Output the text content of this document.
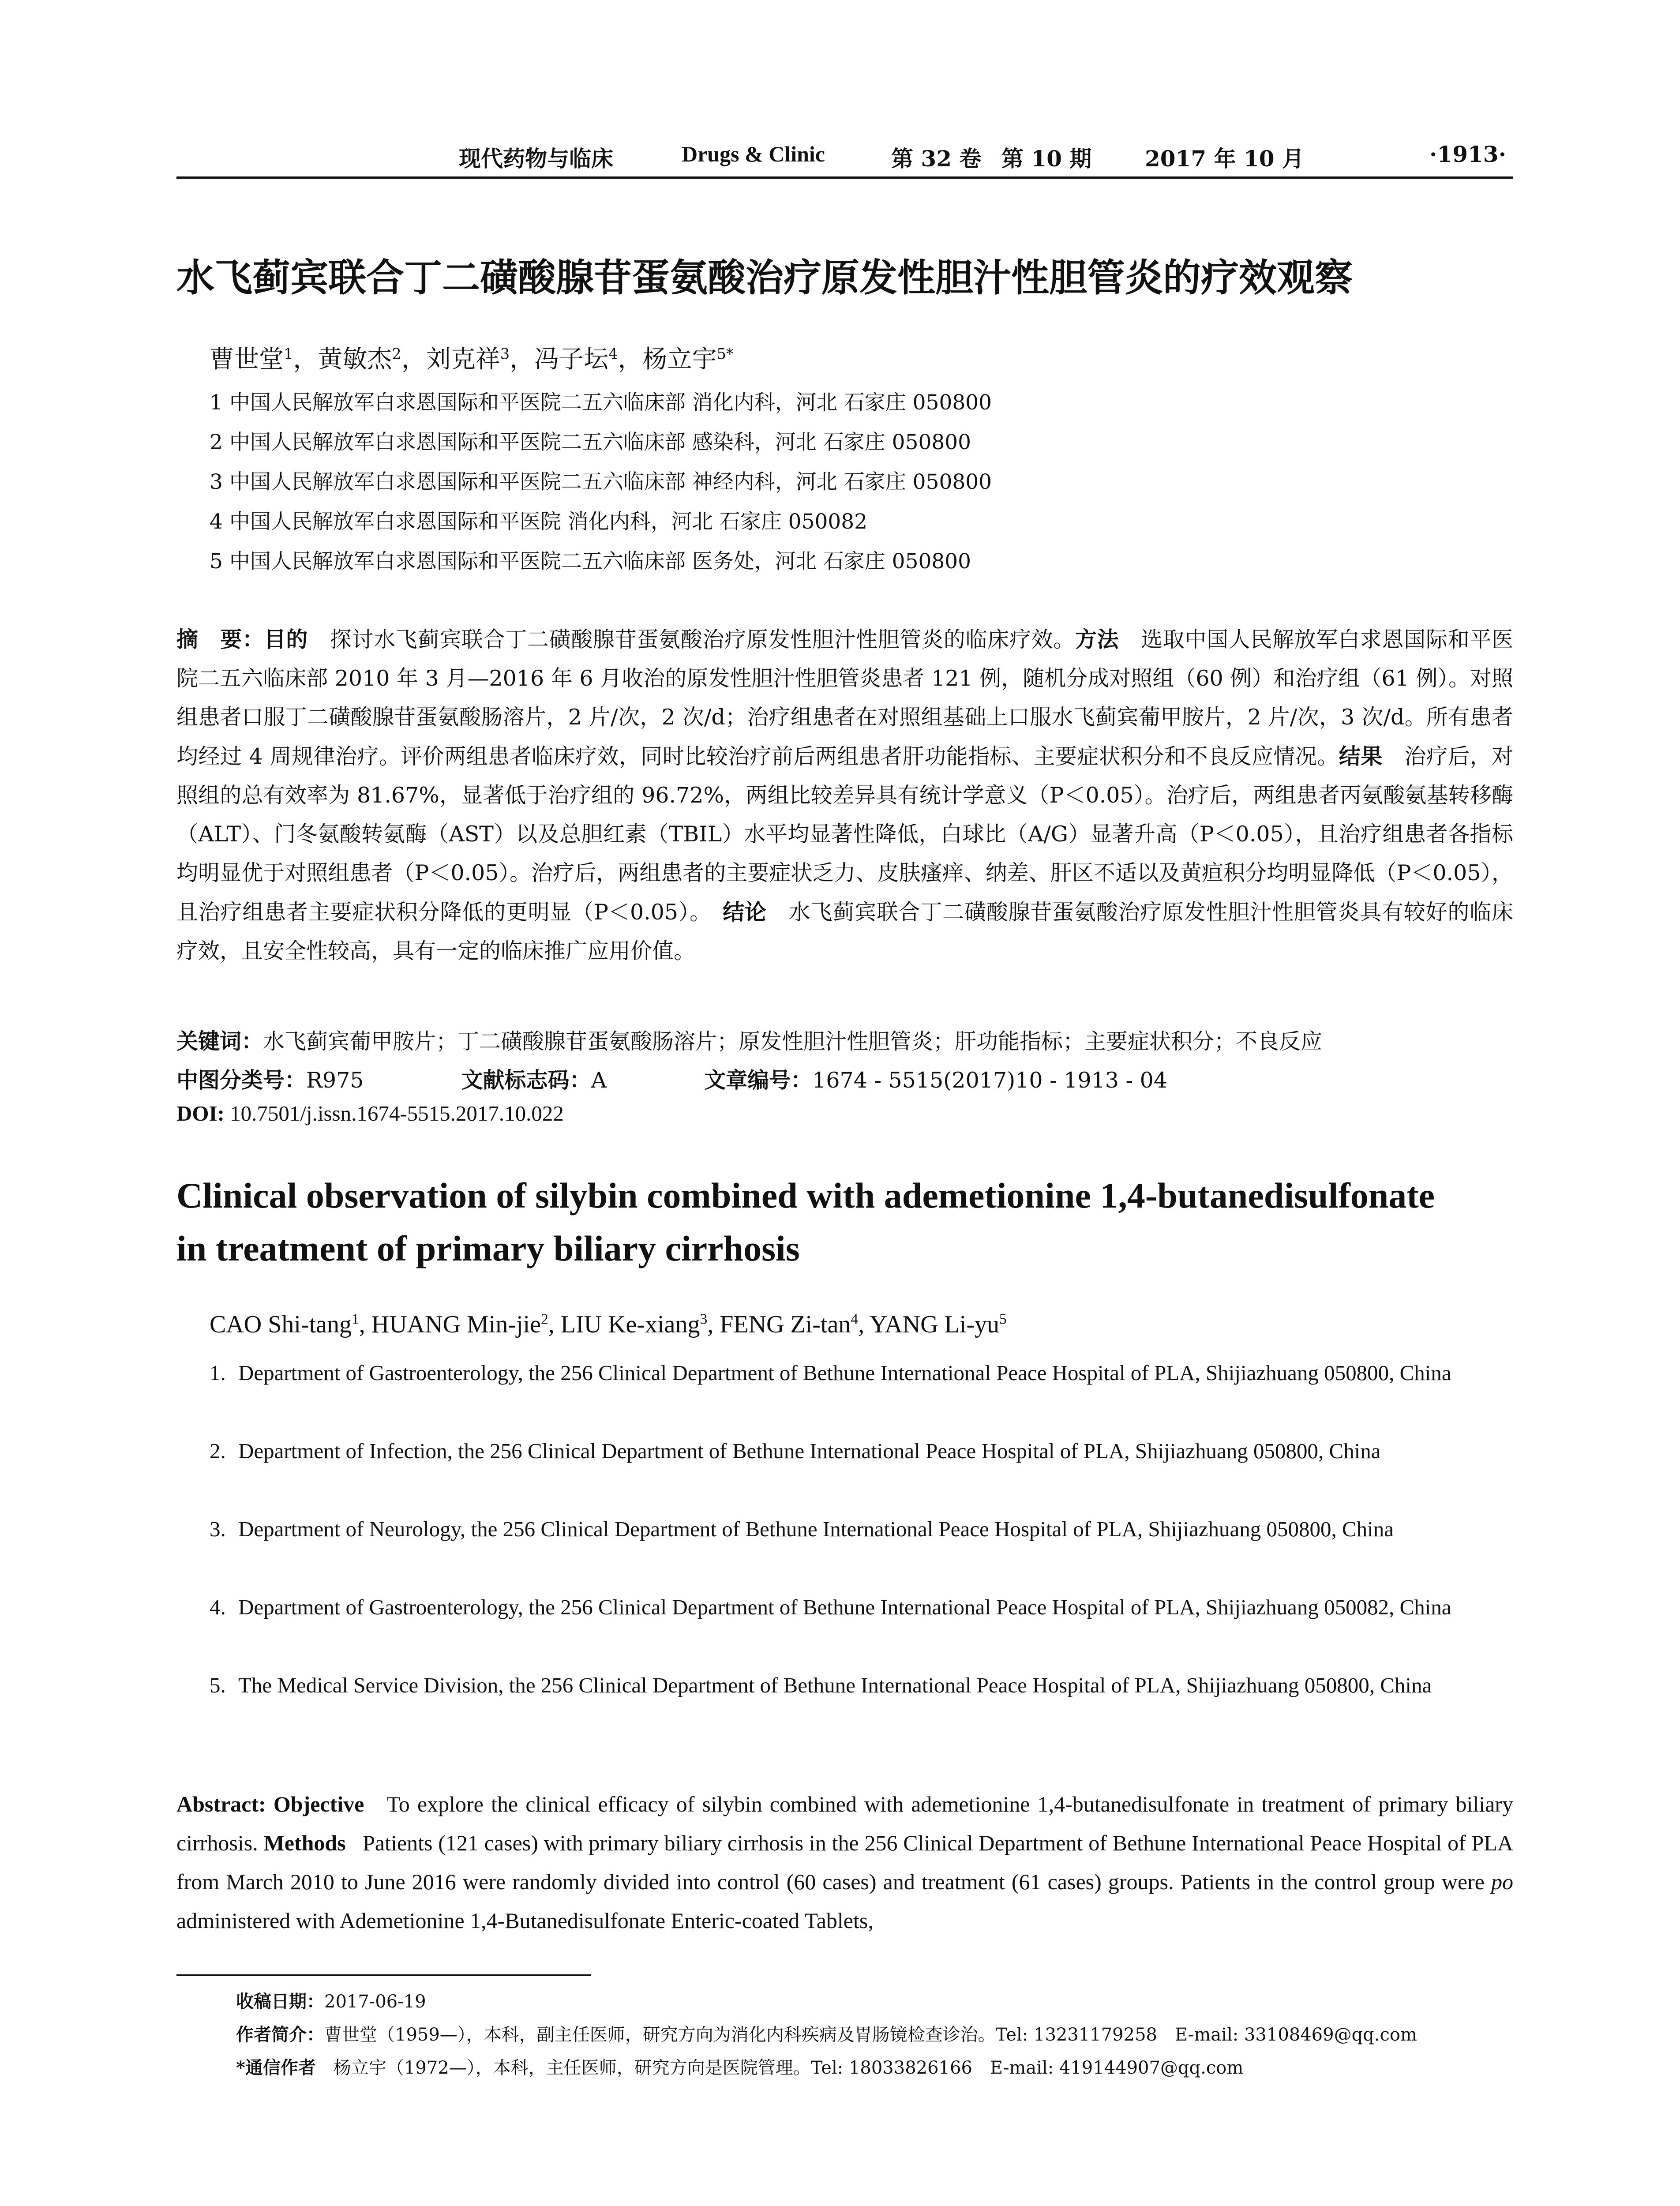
现代药物与临床	Drugs & Clinic	第 32 卷 第 10 期 2017 年 10 月	·1913·
水飞蓟宾联合丁二磺酸腺苷蛋氨酸治疗原发性胆汁性胆管炎的疗效观察
曹世堂$^1$，黄敏杰$^2$，刘克祥$^3$，冯子坛$^4$，杨立宇$^{5*}$
1 中国人民解放军白求恩国际和平医院二五六临床部 消化内科，河北 石家庄 050800
2 中国人民解放军白求恩国际和平医院二五六临床部 感染科，河北 石家庄 050800
3 中国人民解放军白求恩国际和平医院二五六临床部 神经内科，河北 石家庄 050800
4 中国人民解放军白求恩国际和平医院 消化内科，河北 石家庄 050082
5 中国人民解放军白求恩国际和平医院二五六临床部 医务处，河北 石家庄 050800
摘　要：目的　 探讨水飞蓟宾联合丁二磺酸腺苷蛋氨酸治疗原发性胆汁性胆管炎的临床疗效。方法　 选取中国人民解放军白求恩国际和平医院二五六临床部 2010 年 3 月—2016 年 6 月收治的原发性胆汁性胆管炎患者 121 例，随机分成对照组（60 例）和治疗组（61 例）。对照组患者口服丁二磺酸腺苷蛋氨酸肠溶片，2 片/次，2 次/d；治疗组患者在对照组基础上口服水飞蓟宾葡甲胺片，2 片/次，3 次/d。所有患者均经过 4 周规律治疗。评价两组患者临床疗效，同时比较治疗前后两组患者肝功能指标、主要症状积分和不良反应情况。结果　 治疗后，对照组的总有效率为 81.67%，显著低于治疗组的 96.72%，两组比较差异具有统计学意义（P＜0.05）。治疗后，两组患者丙氨酸氨基转移酶（ALT）、门冬氨酸转氨酶（AST）以及总胆红素（TBIL）水平均显著性降低，白球比（A/G）显著升高（P＜0.05），且治疗组患者各指标均明显优于对照组患者（P＜0.05）。治疗后，两组患者的主要症状乏力、皮肤瘙痒、纳差、肝区不适以及黄疸积分均明显降低（P＜0.05），且治疗组患者主要症状积分降低的更明显（P＜0.05）。　 结论　 水飞蓟宾联合丁二磺酸腺苷蛋氨酸治疗原发性胆汁性胆管炎具有较好的临床疗效，且安全性较高，具有一定的临床推广应用价值。
关键词：水飞蓟宾葡甲胺片；丁二磺酸腺苷蛋氨酸肠溶片；原发性胆汁性胆管炎；肝功能指标；主要症状积分；不良反应
中图分类号：R975	文献标志码：A	文章编号：1674 - 5515(2017)10 - 1913 - 04
DOI: 10.7501/j.issn.1674-5515.2017.10.022
Clinical observation of silybin combined with ademetionine 1,4-butanedisulfonate
in treatment of primary biliary cirrhosis
CAO Shi-tang$^1$, HUANG Min-jie$^2$, LIU Ke-xiang$^3$, FENG $Zi-\tan^4$, YANG $Li-yu^5$
1. Department of Gastroenterology, the 256 Clinical Department of Bethune International Peace Hospital of PLA, Shijiazhuang 050800, China
2. Department of Infection, the 256 Clinical Department of Bethune International Peace Hospital of PLA, Shijiazhuang 050800, China
3. Department of Neurology, the 256 Clinical Department of Bethune International Peace Hospital of PLA, Shijiazhuang 050800, China
4. Department of Gastroenterology, the 256 Clinical Department of Bethune International Peace Hospital of PLA, Shijiazhuang 050082, China
5. The Medical Service Division, the 256 Clinical Department of Bethune International Peace Hospital of PLA, Shijiazhuang 050800, China
Abstract: Objective To explore the clinical efficacy of silybin combined with ademetionine 1,4-butanedisulfonate in treatment of primary biliary cirrhosis. Methods Patients (121 cases) with primary biliary cirrhosis in the 256 Clinical Department of Bethune International Peace Hospital of PLA from March 2010 to June 2016 were randomly divided into control (60 cases) and treatment (61 cases) groups. Patients in the control group were po administered with Ademetionine 1,4-Butanedisulfonate Enteric-coated Tablets,
收稿日期：2017-06-19
作者简介：曹世堂（1959—），本科，副主任医师，研究方向为消化内科疾病及胃肠镜检查诊治。Tel: 13231179258　E-mail: 33108469@qq.com
*通信作者　 杨立宇（1972—），本科，主任医师，研究方向是医院管理。Tel: 18033826166　E-mail: 419144907@qq.com
